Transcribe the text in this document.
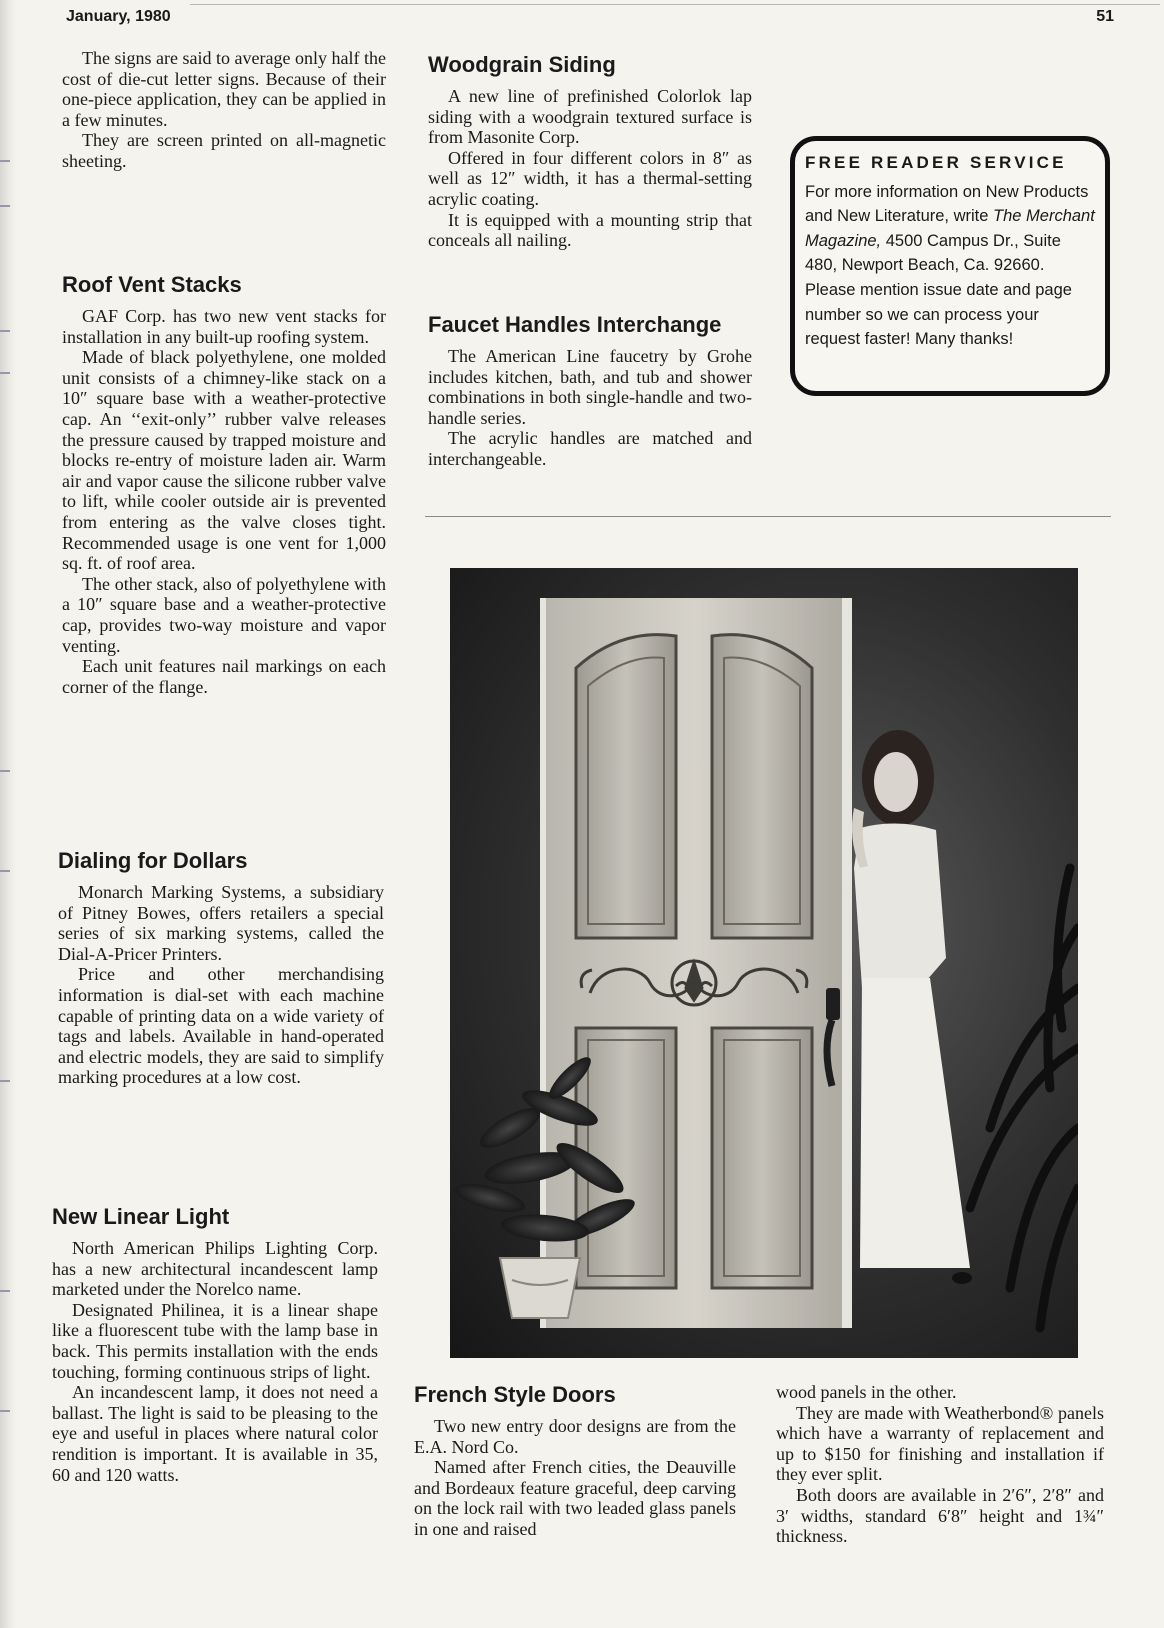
January, 1980	51

The signs are said to average only half the cost of die-cut letter signs. Because of their one-piece application, they can be applied in a few minutes.

They are screen printed on all-magnetic sheeting.

Roof Vent Stacks

GAF Corp. has two new vent stacks for installation in any built-up roofing system.

Made of black polyethylene, one molded unit consists of a chimney-like stack on a 10″ square base with a weather-protective cap. An ‘‘exit-only’’ rubber valve releases the pressure caused by trapped moisture and blocks re-entry of moisture laden air. Warm air and vapor cause the silicone rubber valve to lift, while cooler outside air is prevented from entering as the valve closes tight. Recommended usage is one vent for 1,000 sq. ft. of roof area.

The other stack, also of polyethylene with a 10″ square base and a weather-protective cap, provides two-way moisture and vapor venting.

Each unit features nail markings on each corner of the flange.

Dialing for Dollars

Monarch Marking Systems, a subsidiary of Pitney Bowes, offers retailers a special series of six marking systems, called the Dial-A-Pricer Printers.

Price and other merchandising information is dial-set with each machine capable of printing data on a wide variety of tags and labels. Available in hand-operated and electric models, they are said to simplify marking procedures at a low cost.

New Linear Light

North American Philips Lighting Corp. has a new architectural incandescent lamp marketed under the Norelco name.

Designated Philinea, it is a linear shape like a fluorescent tube with the lamp base in back. This permits installation with the ends touching, forming continuous strips of light.

An incandescent lamp, it does not need a ballast. The light is said to be pleasing to the eye and useful in places where natural color rendition is important. It is available in 35, 60 and 120 watts.

Woodgrain Siding

A new line of prefinished Colorlok lap siding with a woodgrain textured surface is from Masonite Corp.

Offered in four different colors in 8″ as well as 12″ width, it has a thermal-setting acrylic coating.

It is equipped with a mounting strip that conceals all nailing.

Faucet Handles Interchange

The American Line faucetry by Grohe includes kitchen, bath, and tub and shower combinations in both single-handle and two-handle series.

The acrylic handles are matched and interchangeable.

FREE READER SERVICE
For more information on New Products and New Literature, write The Merchant Magazine, 4500 Campus Dr., Suite 480, Newport Beach, Ca. 92660. Please mention issue date and page number so we can process your request faster! Many thanks!
French Style Doors

Two new entry door designs are from the E.A. Nord Co.

Named after French cities, the Deauville and Bordeaux feature graceful, deep carving on the lock rail with two leaded glass panels in one and raised

wood panels in the other.

They are made with Weatherbond® panels which have a warranty of replacement and up to $150 for finishing and installation if they ever split.

Both doors are available in 2′6″, 2′8″ and 3′ widths, standard 6′8″ height and 1¾″ thickness.
